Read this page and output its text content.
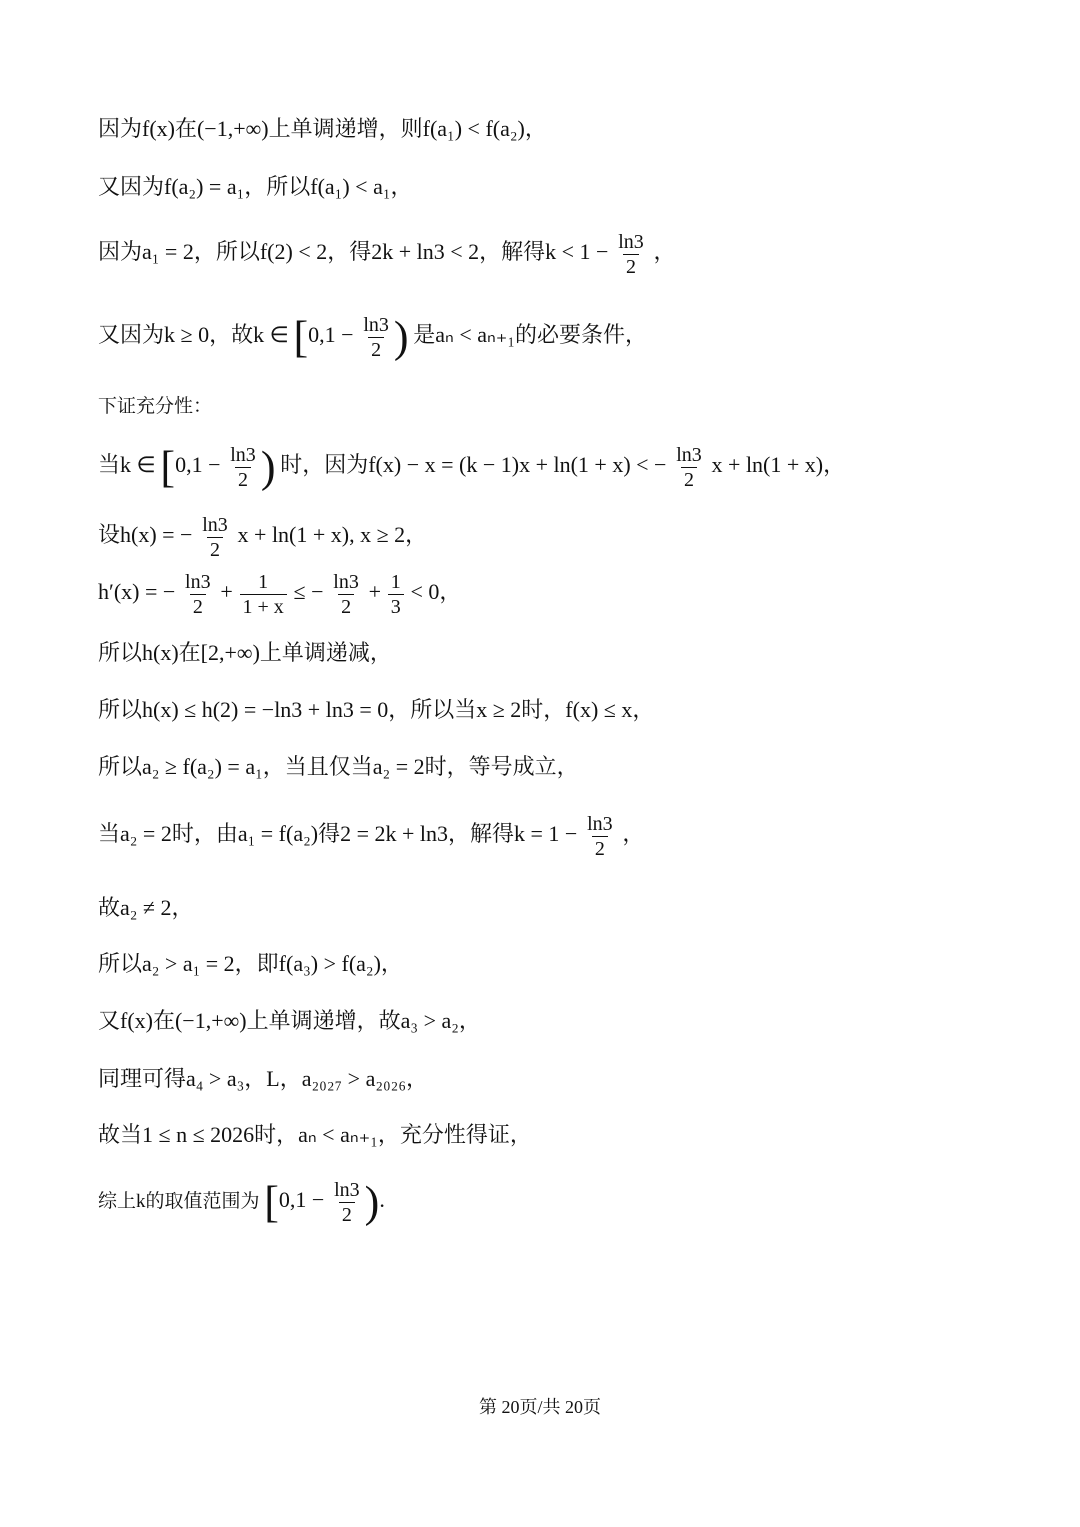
因为f(x)在(−1,+∞)上单调递增，则f(a₁) < f(a₂)，
又因为f(a₂) = a₁，所以f(a₁) < a₁，
因为a₁ = 2，所以f(2) < 2，得2k + ln3 < 2，解得$k < 1 - \frac{\ln 3}{2}$ ，
又因为k ≥ 0，故k ∈ [$0,1 - \frac{\ln 3}{2}$ ) 是aₙ < aₙ₊₁的必要条件，
下证充分性：
当k ∈ [$0,1 - \frac{\ln 3}{2}$ ) 时，因为f(x) − x = (k − 1)x + ln(1 + x) < − $\frac{\ln 3}{2}$ x + ln(1 + x)，
设h(x) = − $\frac{\ln 3}{2}$ x + ln(1 + x), x ≥ 2，
h′(x) = − $\frac{\ln 3}{2} + \frac{1}{1 + x}$ ≤ − $\frac{\ln 3}{2} + \frac{1}{3} < 0$，
所以h(x)在[2,+∞)上单调递减，
所以h(x) ≤ h(2) = −ln3 + ln3 = 0，所以当x ≥ 2时，f(x) ≤ x，
所以a₂ ≥ f(a₂) = a₁，当且仅当a₂ = 2时，等号成立，
当a₂ = 2时，由a₁ = f(a₂)得2 = 2k + ln3，解得$k = 1 - \frac{\ln 3}{2}$ ，
故a₂ ≠ 2，
所以a₂ > a₁ = 2，即f(a₃) > f(a₂)，
又f(x)在(−1,+∞)上单调递增，故a₃ > a₂，
同理可得a₄ > a₃，L，a₂₀₂₇ > a₂₀₂₆，
故当1 ≤ n ≤ 2026时，aₙ < aₙ₊₁，充分性得证，
综上k的取值范围为 [$0,1 - \frac{\ln 3}{2}$ ).
第 20页/共 20页
